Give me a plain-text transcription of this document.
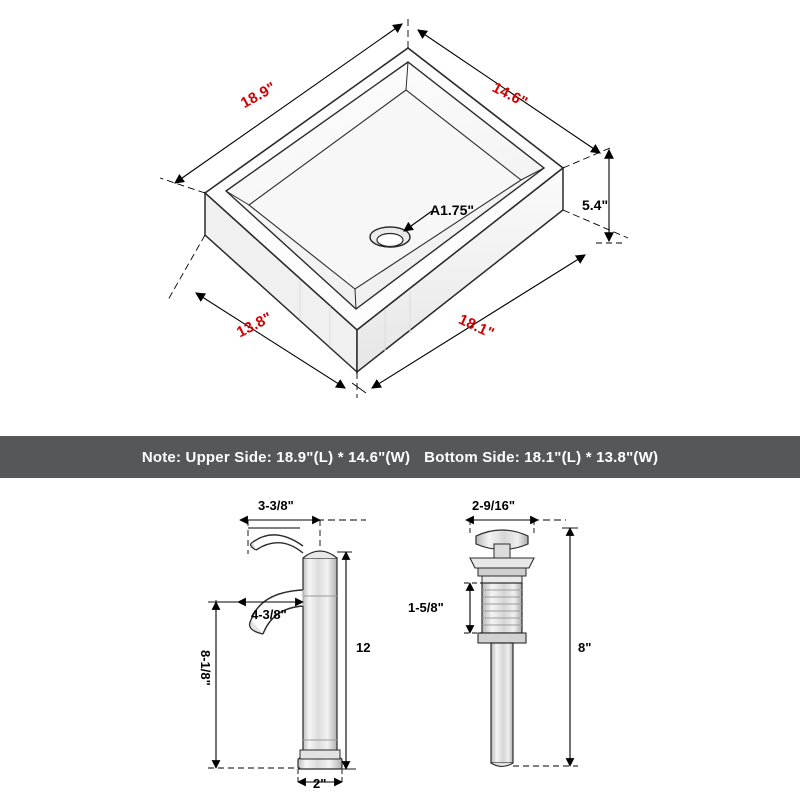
18.9"	14.6"
13.8"	18.1"
5.4"
A1.75"
Note: Upper Side: 18.9"(L) * 14.6"(W) Bottom Side: 18.1"(L) * 13.8"(W)
3-3/8"
4-3/8"
12
8-1/8"
2"
2-9/16"
1-5/8"
8"
